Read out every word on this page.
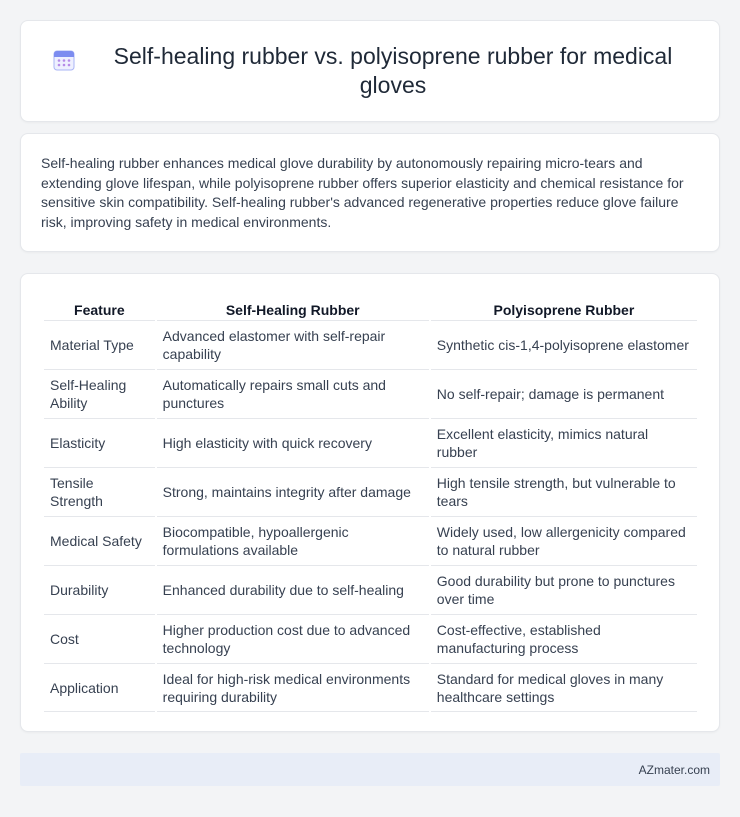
Self-healing rubber vs. polyisoprene rubber for medical gloves

Self-healing rubber enhances medical glove durability by autonomously repairing micro-tears and extending glove lifespan, while polyisoprene rubber offers superior elasticity and chemical resistance for sensitive skin compatibility. Self-healing rubber's advanced regenerative properties reduce glove failure risk, improving safety in medical environments.

Feature	Self-Healing Rubber	Polyisoprene Rubber
Material Type	Advanced elastomer with self-repair capability	Synthetic cis-1,4-polyisoprene elastomer
Self-Healing Ability	Automatically repairs small cuts and punctures	No self-repair; damage is permanent
Elasticity	High elasticity with quick recovery	Excellent elasticity, mimics natural rubber
Tensile Strength	Strong, maintains integrity after damage	High tensile strength, but vulnerable to tears
Medical Safety	Biocompatible, hypoallergenic formulations available	Widely used, low allergenicity compared to natural rubber
Durability	Enhanced durability due to self-healing	Good durability but prone to punctures over time
Cost	Higher production cost due to advanced technology	Cost-effective, established manufacturing process
Application	Ideal for high-risk medical environments requiring durability	Standard for medical gloves in many healthcare settings
AZmater.com
